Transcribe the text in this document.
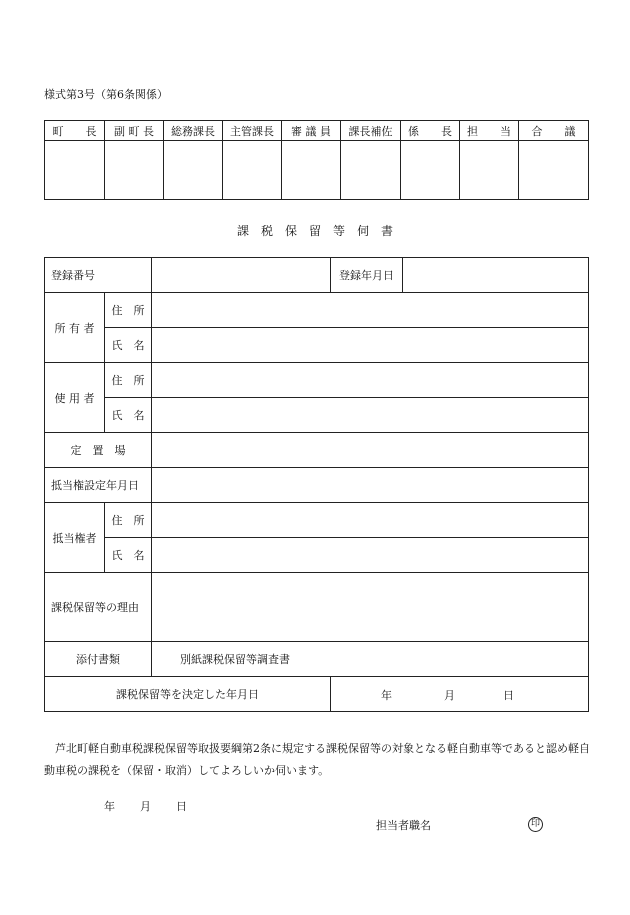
様式第3号（第6条関係）
町　　長	副 町 長	総務課長	主管課長	審 議 員	課長補佐	係　　長	担　　当	合　　議

課　税　保　留　等　伺　書
登録番号			登録年月日	
所 有 者	住　所			
	氏　名			
使 用 者	住　所			
	氏　名			
定　置　場				
抵当権設定年月日				
抵当権者	住　所			
	氏　名			
課税保留等の理由				
添付書類		別紙課税保留等調査書		
課税保留等を決定した年月日			年 月 日	
芦北町軽自動車税課税保留等取扱要綱第2条に規定する課税保留等の対象となる軽自動車等であると認め軽自動車税の課税を（保留・取消）してよろしいか伺います。
年 月 日
担当者職名	印
